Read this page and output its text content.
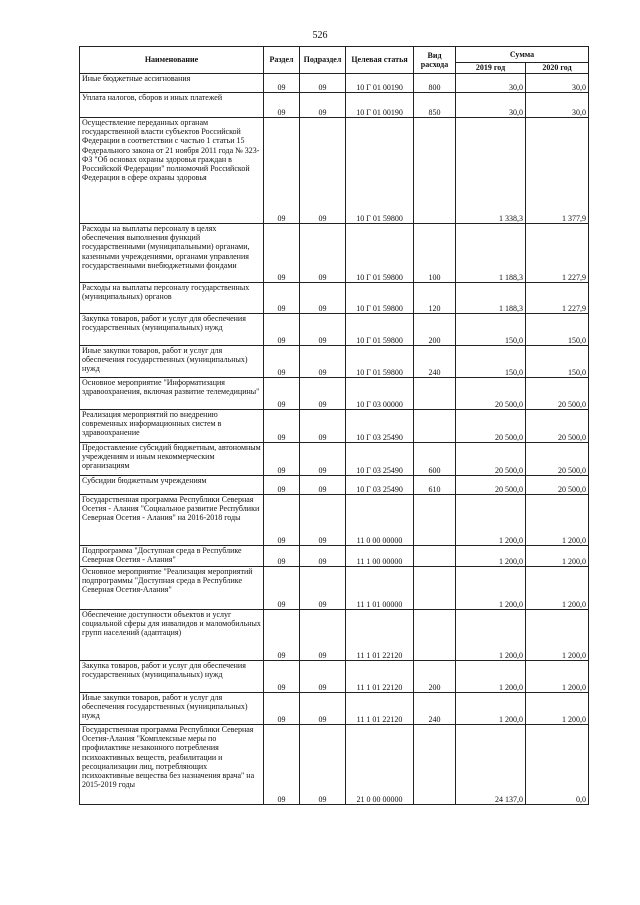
526
Наименование	Раздел	Подраздел	Целевая статья	Вид расхода	Сумма	
					2019 год	2020 год
Иные бюджетные ассигнования	09	09	10 Г 01 00190	800	30,0	30,0
Уплата налогов, сборов и иных платежей	09	09	10 Г 01 00190	850	30,0	30,0
Осуществление переданных органам государственной власти субъектов Российской Федерации в соответствии с частью 1 статьи 15 Федерального закона от 21 ноября 2011 года № 323-ФЗ "Об основах охраны здоровья граждан в Российской Федерации" полномочий Российской Федерации в сфере охраны здоровья	09	09	10 Г 01 59800		1 338,3	1 377,9
Расходы на выплаты персоналу в целях обеспечения выполнения функций государственными (муниципальными) органами, казенными учреждениями, органами управления государственными внебюджетными фондами	09	09	10 Г 01 59800	100	1 188,3	1 227,9
Расходы на выплаты персоналу государственных (муниципальных) органов	09	09	10 Г 01 59800	120	1 188,3	1 227,9
Закупка товаров, работ и услуг для обеспечения государственных (муниципальных) нужд	09	09	10 Г 01 59800	200	150,0	150,0
Иные закупки товаров, работ и услуг для обеспечения государственных (муниципальных) нужд	09	09	10 Г 01 59800	240	150,0	150,0
Основное мероприятие "Информатизация здравоохранения, включая развитие телемедицины"	09	09	10 Г 03 00000		20 500,0	20 500,0
Реализация мероприятий по внедрению современных информационных систем в здравоохранение	09	09	10 Г 03 25490		20 500,0	20 500,0
Предоставление субсидий бюджетным, автономным учреждениям и иным некоммерческим организациям	09	09	10 Г 03 25490	600	20 500,0	20 500,0
Субсидии бюджетным учреждениям	09	09	10 Г 03 25490	610	20 500,0	20 500,0
Государственная программа Республики Северная Осетия - Алания "Социальное развитие Республики Северная Осетия - Алания" на 2016-2018 годы	09	09	11 0 00 00000		1 200,0	1 200,0
Подпрограмма "Доступная среда в Республике Северная Осетия - Алания"	09	09	11 1 00 00000		1 200,0	1 200,0
Основное мероприятие "Реализация мероприятий подпрограммы "Доступная среда в Республике Северная Осетия-Алания"	09	09	11 1 01 00000		1 200,0	1 200,0
Обеспечение доступности объектов и услуг социальной сферы для инвалидов и маломобильных групп населений (адаптация)	09	09	11 1 01 22120		1 200,0	1 200,0
Закупка товаров, работ и услуг для обеспечения государственных (муниципальных) нужд	09	09	11 1 01 22120	200	1 200,0	1 200,0
Иные закупки товаров, работ и услуг для обеспечения государственных (муниципальных) нужд	09	09	11 1 01 22120	240	1 200,0	1 200,0
Государственная программа Республики Северная Осетия-Алания "Комплексные меры по профилактике незаконного потребления психоактивных веществ, реабилитации и ресоциализации лиц, потребляющих психоактивные вещества без назначения врача" на 2015-2019 годы	09	09	21 0 00 00000		24 137,0	0,0
